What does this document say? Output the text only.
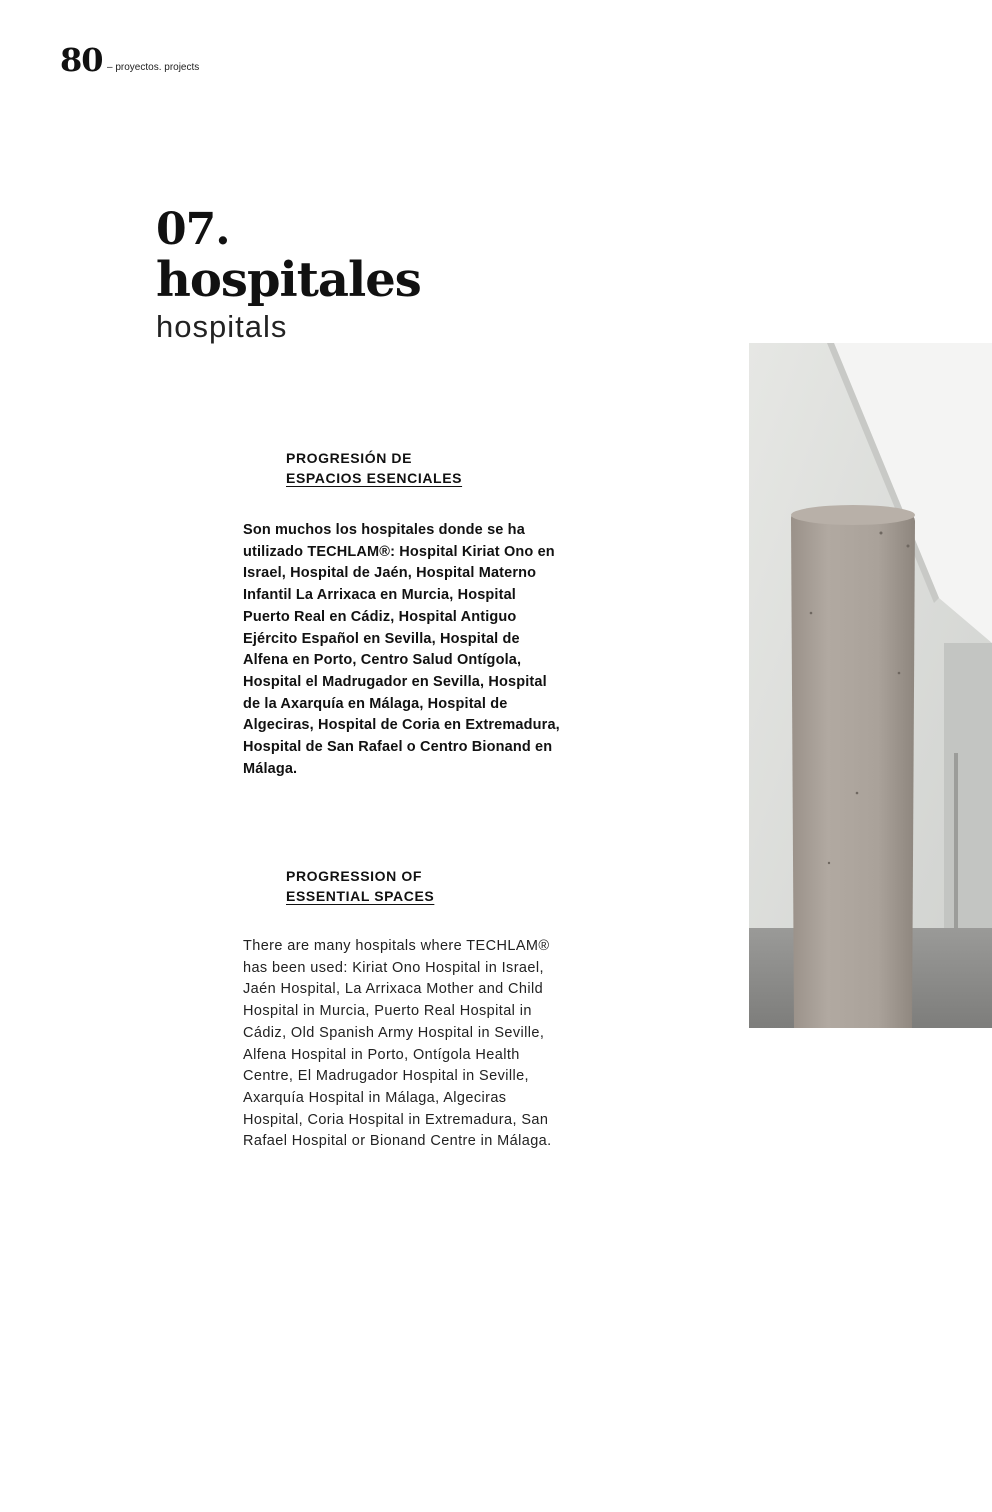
80 – proyectos. projects
07.
hospitales
hospitals
PROGRESIÓN DE
ESPACIOS ESENCIALES

Son muchos los hospitales donde se ha utilizado TECHLAM®: Hospital Kiriat Ono en Israel, Hospital de Jaén, Hospital Materno Infantil La Arrixaca en Murcia, Hospital Puerto Real en Cádiz, Hospital Antiguo Ejército Español en Sevilla, Hospital de Alfena en Porto, Centro Salud Ontígola, Hospital el Madrugador en Sevilla, Hospital de la Axarquía en Málaga, Hospital de Algeciras, Hospital de Coria en Extremadura, Hospital de San Rafael o Centro Bionand en Málaga.

PROGRESSION OF
ESSENTIAL SPACES

There are many hospitals where TECHLAM® has been used: Kiriat Ono Hospital in Israel, Jaén Hospital, La Arrixaca Mother and Child Hospital in Murcia, Puerto Real Hospital in Cádiz, Old Spanish Army Hospital in Seville, Alfena Hospital in Porto, Ontígola Health Centre, El Madrugador Hospital in Seville, Axarquía Hospital in Málaga, Algeciras Hospital, Coria Hospital in Extremadura, San Rafael Hospital or Bionand Centre in Málaga.
